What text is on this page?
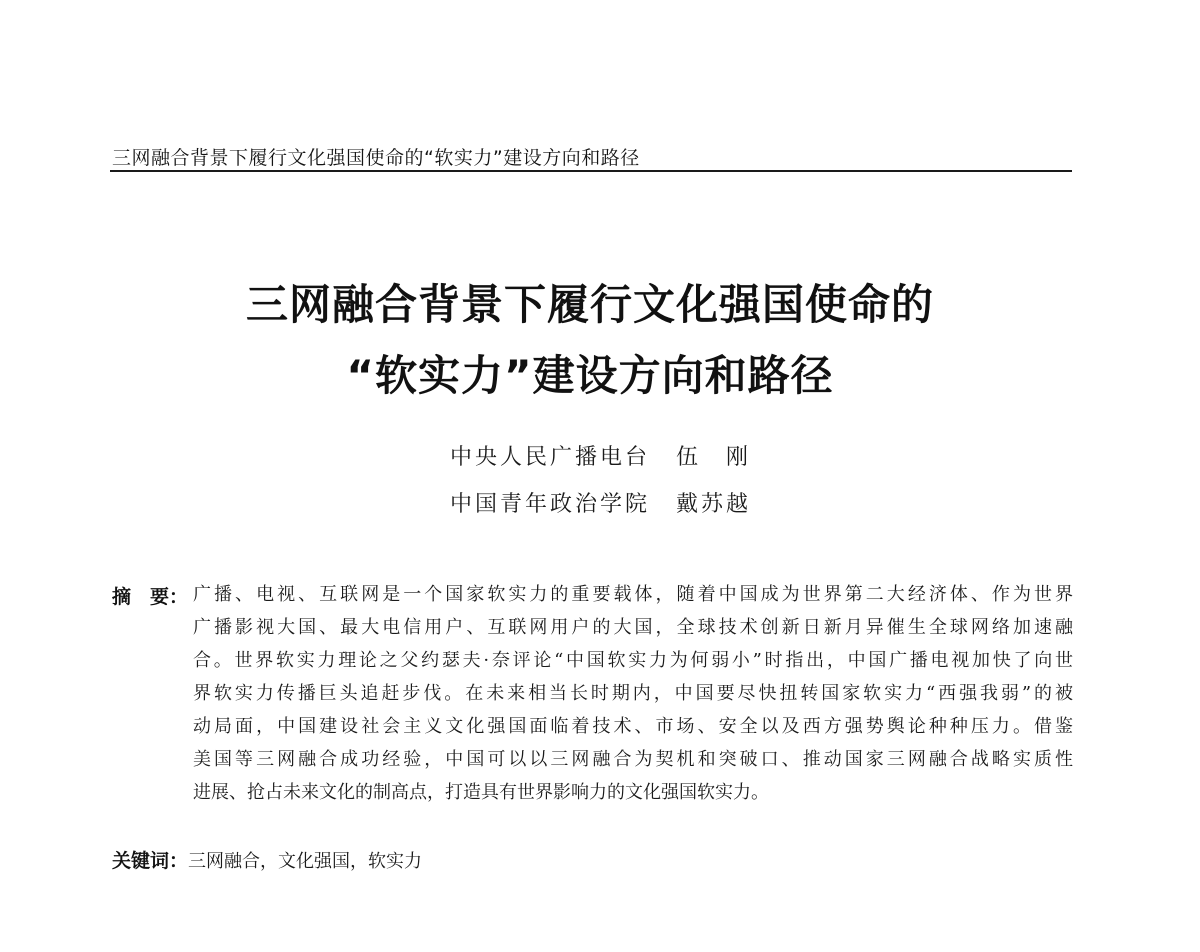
三网融合背景下履行文化强国使命的“软实力”建设方向和路径
三网融合背景下履行文化强国使命的
“软实力”建设方向和路径
中央人民广播电台 伍　刚
中国青年政治学院 戴苏越
摘　要： 广播、电视、互联网是一个国家软实力的重要载体，随着中国成为世界第二大经济体、作为世界
广播影视大国、最大电信用户、互联网用户的大国，全球技术创新日新月异催生全球网络加速融
合。世界软实力理论之父约瑟夫·奈评论“中国软实力为何弱小”时指出，中国广播电视加快了向世
界软实力传播巨头追赶步伐。在未来相当长时期内，中国要尽快扭转国家软实力“西强我弱”的被
动局面，中国建设社会主义文化强国面临着技术、市场、安全以及西方强势舆论种种压力。借鉴
美国等三网融合成功经验，中国可以以三网融合为契机和突破口、推动国家三网融合战略实质性
进展、抢占未来文化的制高点，打造具有世界影响力的文化强国软实力。
关键词：三网融合，文化强国，软实力
